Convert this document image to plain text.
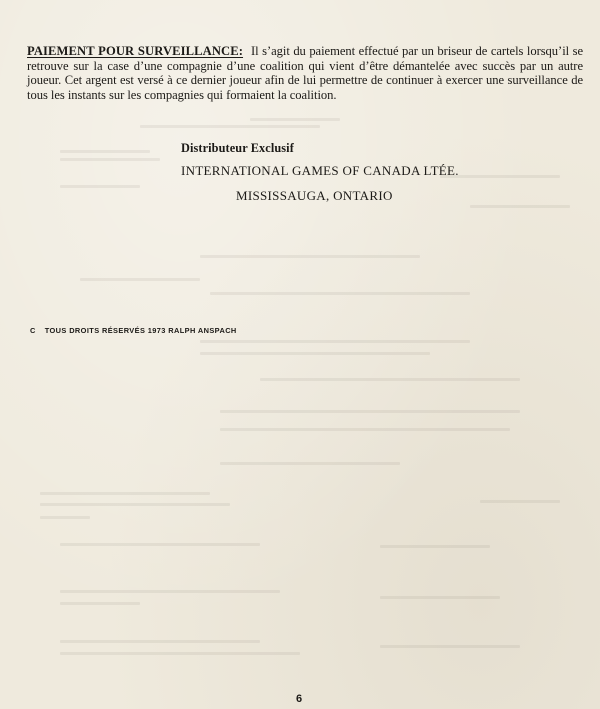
PAIEMENT POUR SURVEILLANCE: Il s’agit du paiement effectué par un briseur de cartels lorsqu’il se retrouve sur la case d’une compagnie d’une coalition qui vient d’être démantelée avec succès par un autre joueur. Cet argent est versé à ce dernier joueur afin de lui permettre de continuer à exercer une surveillance de tous les instants sur les compagnies qui formaient la coalition.

Distributeur Exclusif
INTERNATIONAL GAMES OF CANADA LTÉE.
MISSISSAUGA, ONTARIO
C TOUS DROITS RÉSERVÉS 1973 RALPH ANSPACH
6
